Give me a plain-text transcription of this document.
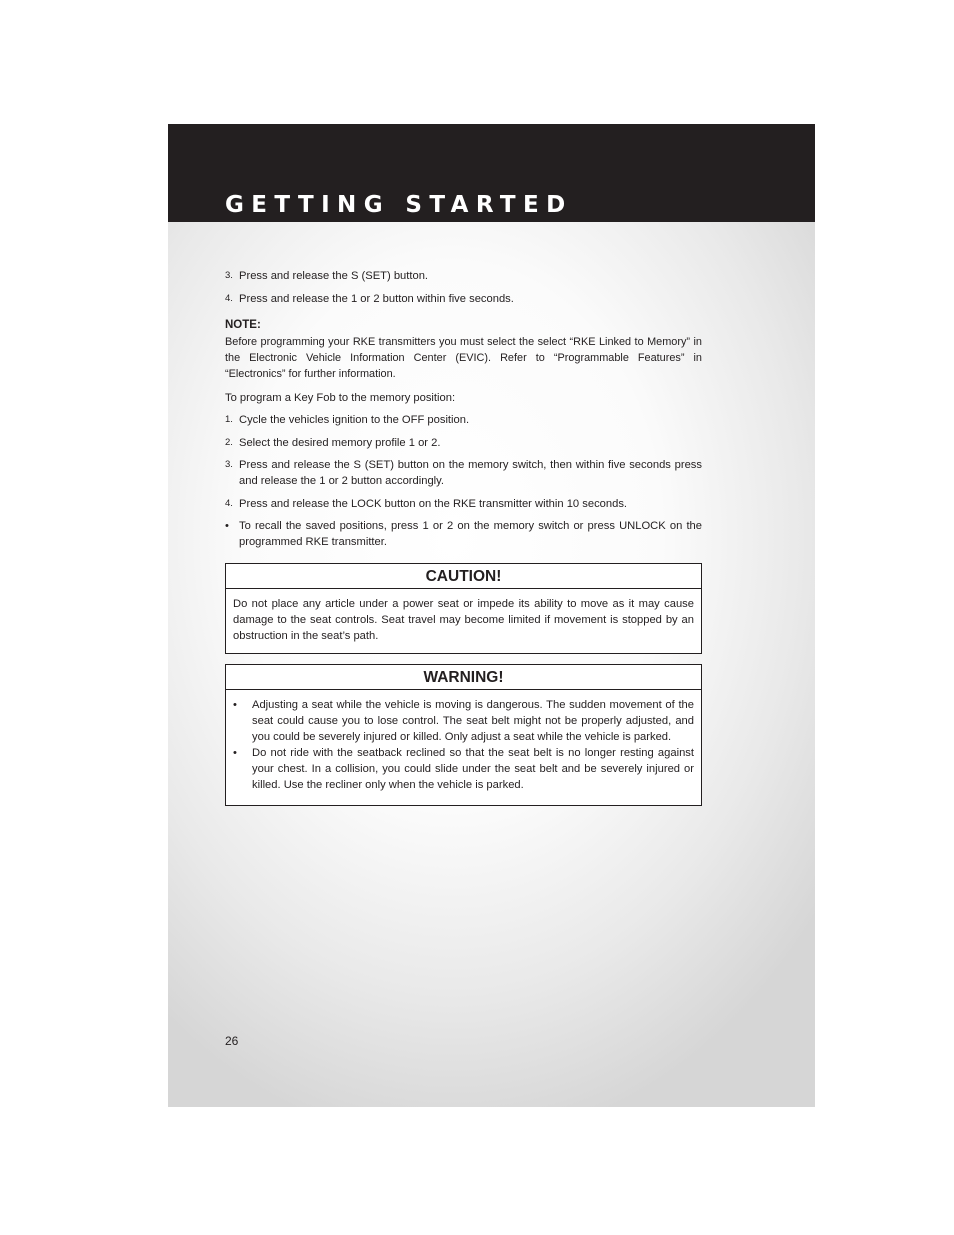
GETTING STARTED
3. Press and release the S (SET) button.
4. Press and release the 1 or 2 button within five seconds.
NOTE:
Before programming your RKE transmitters you must select the select “RKE Linked to Memory” in the Electronic Vehicle Information Center (EVIC). Refer to “Programmable Features” in “Electronics” for further information.
To program a Key Fob to the memory position:
1. Cycle the vehicles ignition to the OFF position.
2. Select the desired memory profile 1 or 2.
3. Press and release the S (SET) button on the memory switch, then within five seconds press and release the 1 or 2 button accordingly.
4. Press and release the LOCK button on the RKE transmitter within 10 seconds.
• To recall the saved positions, press 1 or 2 on the memory switch or press UNLOCK on the programmed RKE transmitter.
CAUTION!
Do not place any article under a power seat or impede its ability to move as it may cause damage to the seat controls. Seat travel may become limited if movement is stopped by an obstruction in the seat’s path.
WARNING!
• Adjusting a seat while the vehicle is moving is dangerous. The sudden movement of the seat could cause you to lose control. The seat belt might not be properly adjusted, and you could be severely injured or killed. Only adjust a seat while the vehicle is parked.
• Do not ride with the seatback reclined so that the seat belt is no longer resting against your chest. In a collision, you could slide under the seat belt and be severely injured or killed. Use the recliner only when the vehicle is parked.
26
